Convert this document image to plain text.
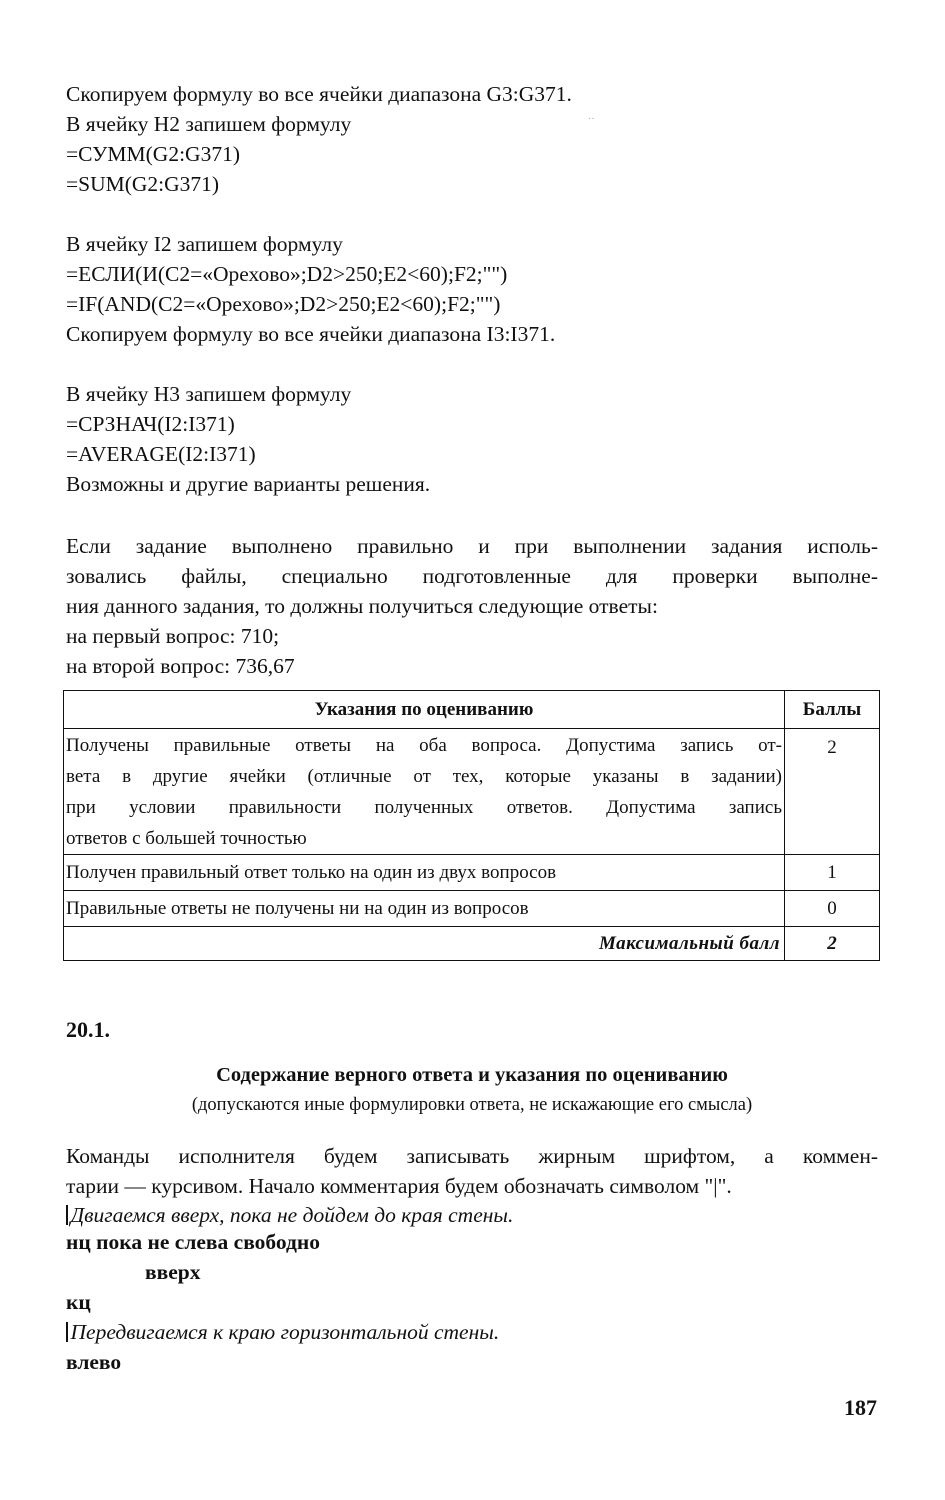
˙˙
Скопируем формулу во все ячейки диапазона G3:G371.
В ячейку H2 запишем формулу
=СУММ(G2:G371)
=SUM(G2:G371)
В ячейку I2 запишем формулу
=ЕСЛИ(И(C2=«Орехово»;D2>250;E2<60);F2;"")
=IF(AND(C2=«Орехово»;D2>250;E2<60);F2;"")
Скопируем формулу во все ячейки диапазона I3:I371.
В ячейку H3 запишем формулу
=СРЗНАЧ(I2:I371)
=AVERAGE(I2:I371)
Возможны и другие варианты решения.
Если задание выполнено правильно и при выполнении задания исполь-
зовались файлы, специально подготовленные для проверки выполне-
ния данного задания, то должны получиться следующие ответы:
на первый вопрос: 710;
на второй вопрос: 736,67
Указания по оцениванию	Баллы

Получены правильные ответы на оба вопроса. Допустима запись от-
вета в другие ячейки (отличные от тех, которые указаны в задании)
при условии правильности полученных ответов. Допустима запись
ответов с большей точностью	2
Получен правильный ответ только на один из двух вопросов	1
Правильные ответы не получены ни на один из вопросов	0
Максимальный балл	2
20.1.
Содержание верного ответа и указания по оцениванию
(допускаются иные формулировки ответа, не искажающие его смысла)
Команды исполнителя будем записывать жирным шрифтом, а коммен-
тарии — курсивом. Начало комментария будем обозначать символом "|".
Двигаемся вверх, пока не дойдем до края стены.
нц пока не слева свободно
вверх
кц
Передвигаемся к краю горизонтальной стены.
влево
187
